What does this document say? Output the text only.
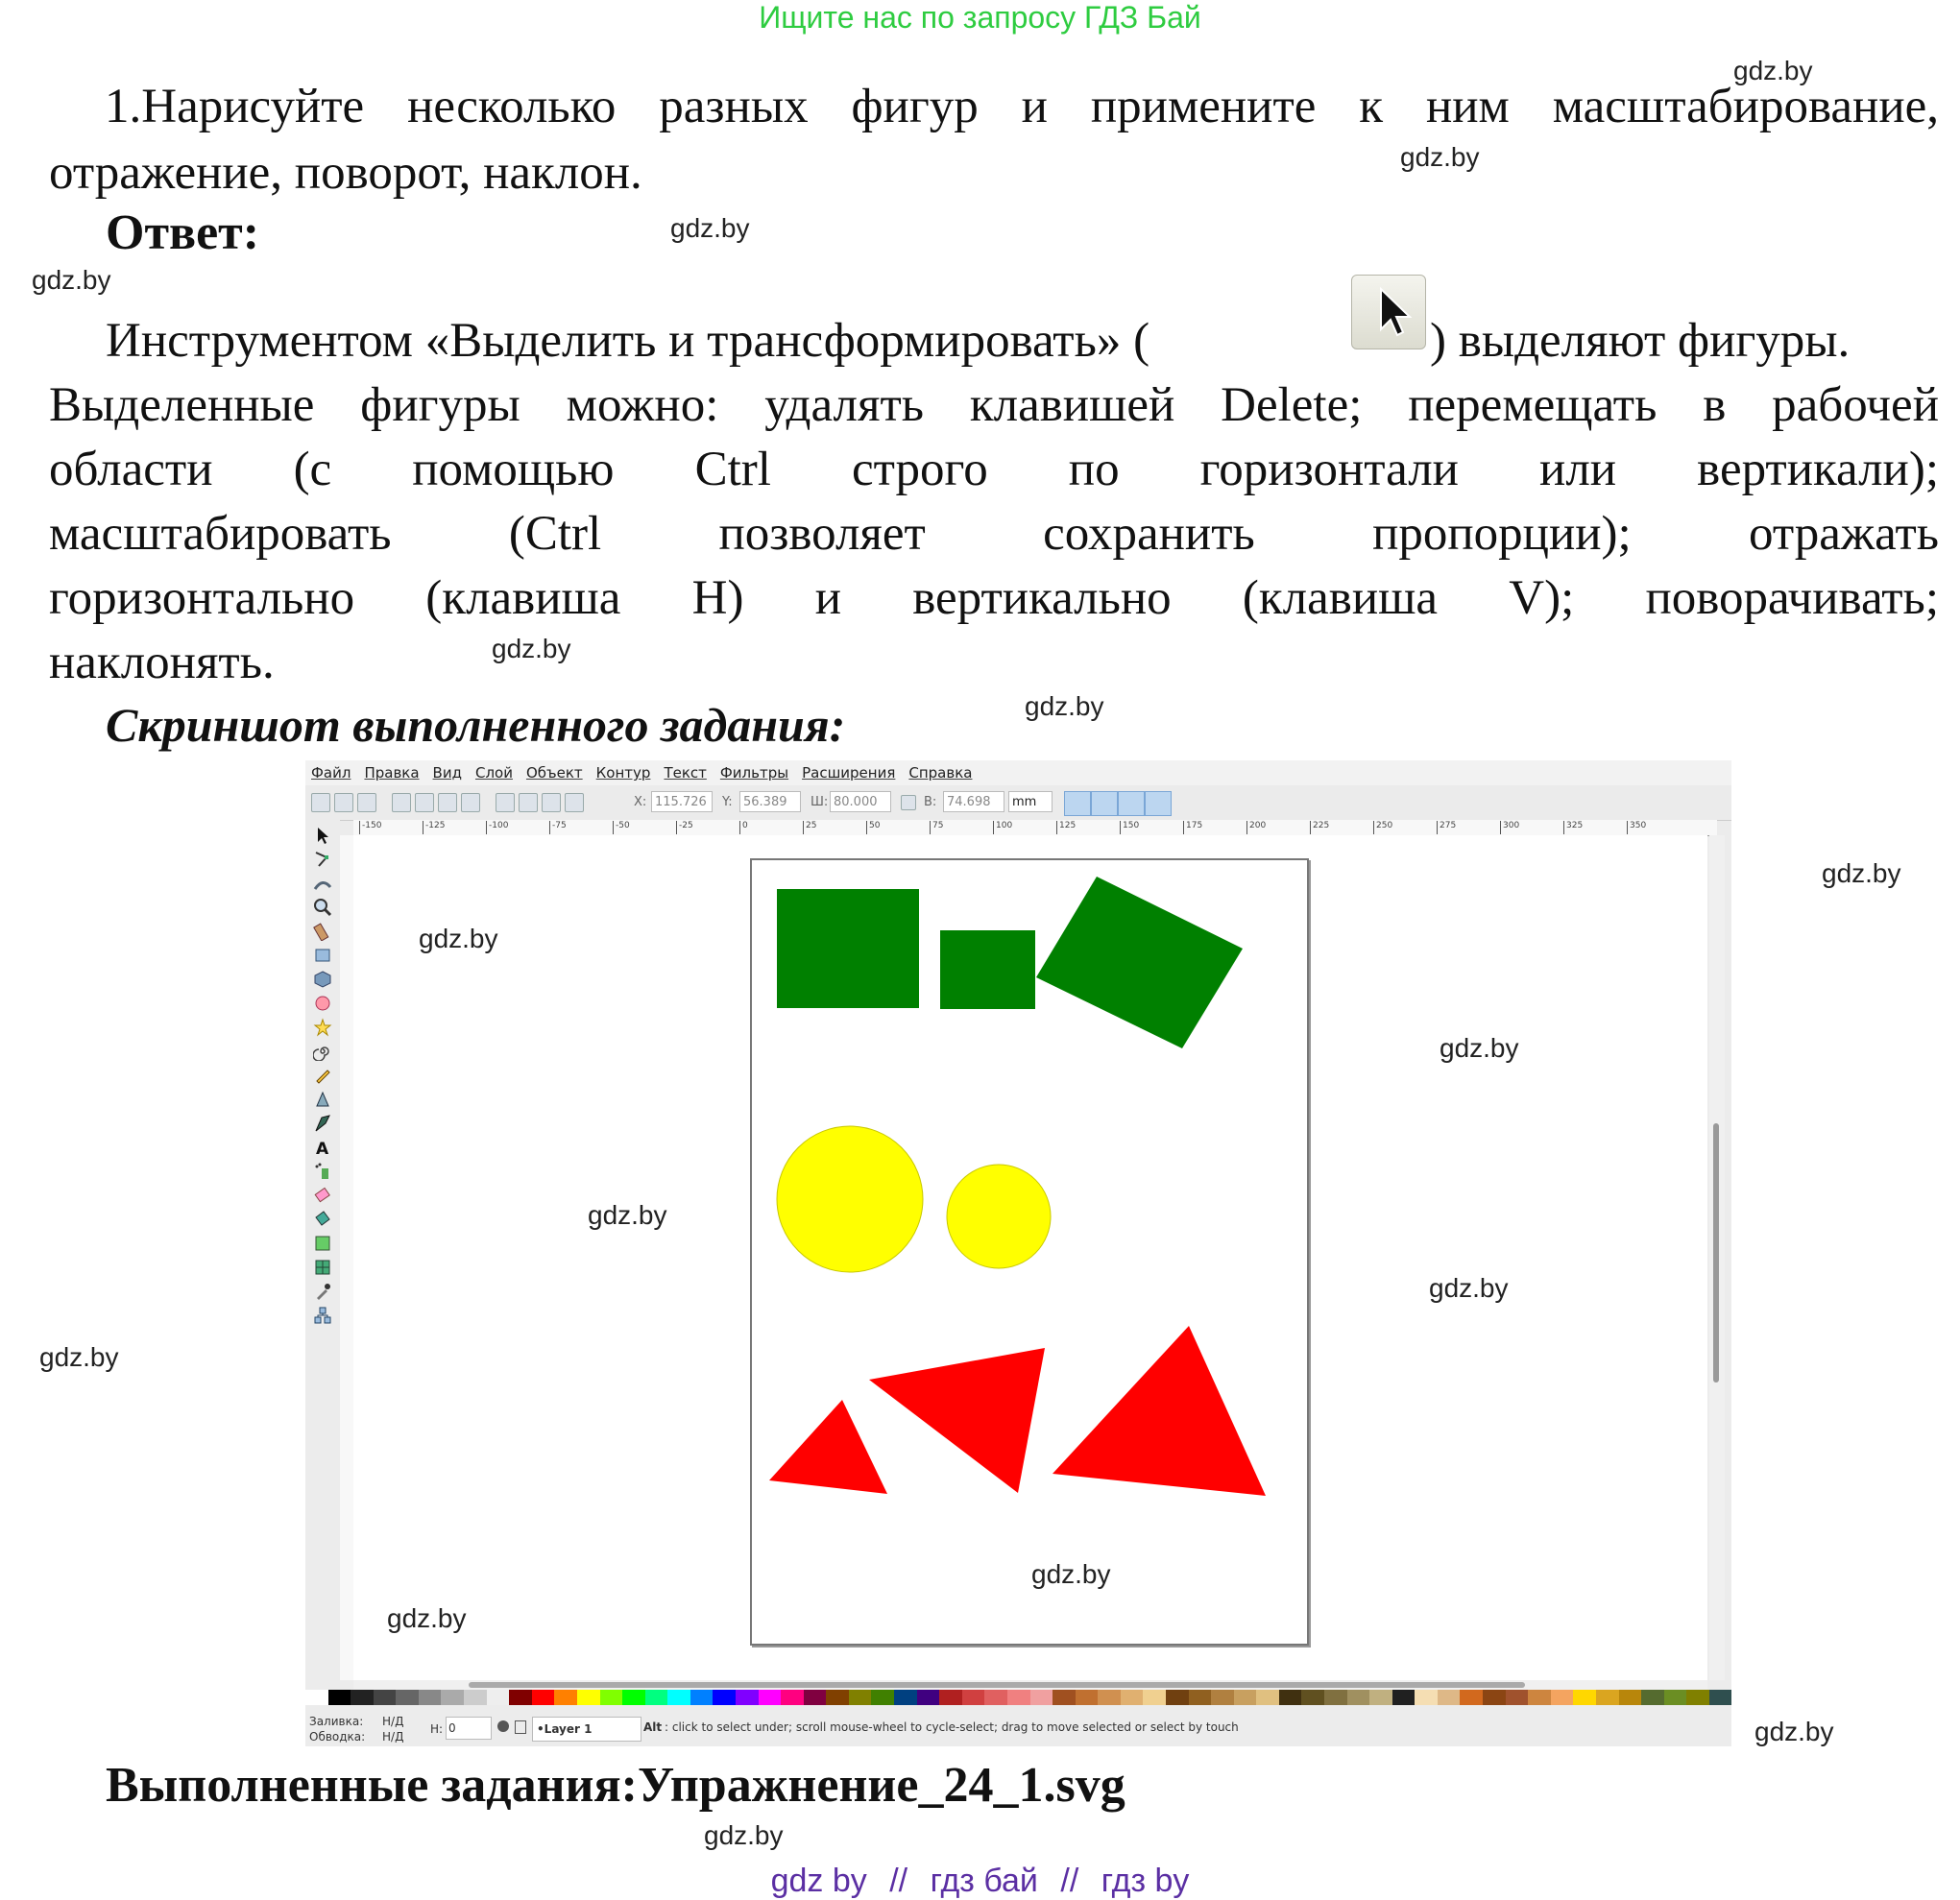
Ищите нас по запросу ГДЗ Бай
1.Нарисуйте несколько разных фигур и примените к ним масштабирование,
отражение, поворот, наклон.
Ответ:
Инструментом «Выделить и трансформировать» (	) выделяют фигуры.
Выделенные фигуры можно: удалять клавишей Delete; перемещать в рабочей
области (с помощью Ctrl строго по горизонтали или вертикали);
масштабировать (Ctrl позволяет сохранить пропорции); отражать
горизонтально (клавиша H) и вертикально (клавиша V); поворачивать;
наклонять.
Скриншот выполненного задания:
Файл Правка Вид Слой Объект Контур Текст Фильтры Расширения Справка
X: 115.726	Y: 56.389	Ш: 80.000	В: 74.698	mm
A
-150	-125	-100	-75	-50	-25	0	25	50	75	100	125	150	175	200	225	250	275	300	325	350
Заливка: Н/Д
Обводка: Н/Д
Н: 0	•Layer 1	Alt : click to select under; scroll mouse-wheel to cycle-select; drag to move selected or select by touch
Выполненные задания:Упражнение_24_1.svg
gdz by // гдз бай // гдз by
gdz.by
gdz.by
gdz.by
gdz.by
gdz.by
gdz.by
gdz.by
gdz.by
gdz.by
gdz.by
gdz.by
gdz.by
gdz.by
gdz.by
gdz.by
gdz.by
